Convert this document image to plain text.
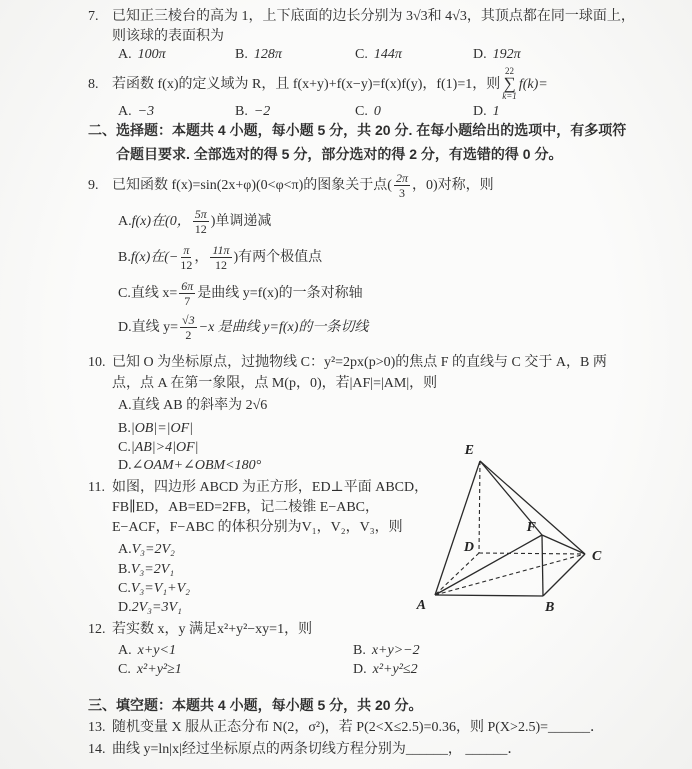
7. 已知正三棱台的高为 1，上下底面的边长分别为 3√3和 4√3，其顶点都在同一球面上，
则该球的表面积为
A. 100π	B. 128π	C. 144π	D. 192π
8. 若函数 f(x)的定义域为 R，且 f(x+y)+f(x−y)=f(x)f(y)，f(1)=1，则
22
∑
k=1
f(k)=
A. −3	B. −2	C. 0	D. 1
二、选择题：本题共 4 小题，每小题 5 分，共 20 分. 在每小题给出的选项中，有多项符
合题目要求. 全部选对的得 5 分，部分选对的得 2 分，有选错的得 0 分。
9. 已知函数 f(x)=sin(2x+φ)(0<φ<π)的图象关于点( $\frac{2\pi}{3}$ ，0)对称，则
A. f(x)在(0， $\frac{5\pi}{12}$ )单调递减
B. f(x)在(− $\frac{\pi}{12}$ ， $\frac{11\pi}{12}$ )有两个极值点
C. 直线 $x= \frac{6\pi}{7}$ 是曲线 y=f(x)的一条对称轴
D. 直线 $y= \frac{√3}{2} -x$ 是曲线 y=f(x)的一条切线
10. 已知 O 为坐标原点，过抛物线 C：y²=2px(p>0)的焦点 F 的直线与 C 交于 A，B 两
点，点 A 在第一象限，点 M(p，0)，若|AF|=|AM|，则
A.直线 AB 的斜率为 2√6
B.|OB|=|OF|
C.|AB|>4|OF|
D.∠OAM+∠OBM<180°
11. 如图，四边形 ABCD 为正方形，ED⊥平面 ABCD，
FB∥ED，AB=ED=2FB，记二棱锥 E−ABC，
E−ACF，F−ABC 的体积分别为V₁，V₂，V₃，则
A.V₃=2V₂
B.V₃=2V₁
C.V₃=V₁+V₂
D.2V₃=3V₁
E
A	B
C
D
F
12. 若实数 x，y 满足x²+y²−xy=1，则
A. x+y<1	B. x+y>−2
C. x²+y²≥1	D. x²+y²≤2
三、填空题：本题共 4 小题，每小题 5 分，共 20 分。
13. 随机变量 X 服从正态分布 N(2，σ²)，若 P(2<X≤2.5)=0.36，则 P(X>2.5)=______．
14. 曲线 y=ln|x|经过坐标原点的两条切线方程分别为______， ______．
